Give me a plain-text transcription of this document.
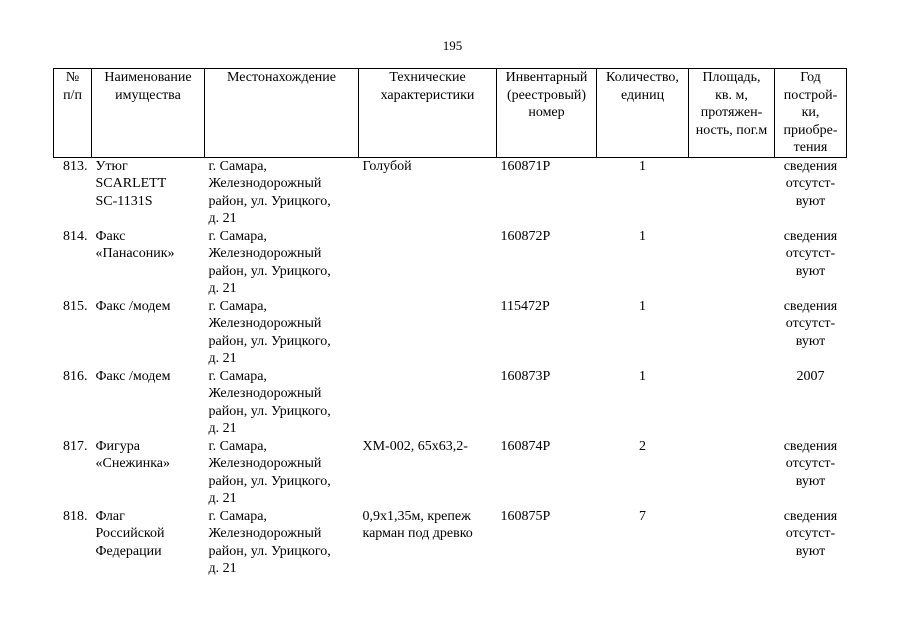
195
№
п/п	Наименование
имущества	Местонахождение	Технические
характеристики	Инвентарный
(реестровый)
номер	Количество,
единиц	Площадь,
кв. м,
протяжен-
ность, пог.м	Год
построй-
ки,
приобре-
тения
813.	Утюг
SCARLETT
SC-1131S	г. Самара,
Железнодорожный
район, ул. Урицкого,
д. 21	Голубой	160871Р	1		сведения
отсутст-
вуют
814.	Факс
«Панасоник»	г. Самара,
Железнодорожный
район, ул. Урицкого,
д. 21		160872Р	1		сведения
отсутст-
вуют
815.	Факс /модем	г. Самара,
Железнодорожный
район, ул. Урицкого,
д. 21		115472Р	1		сведения
отсутст-
вуют
816.	Факс /модем	г. Самара,
Железнодорожный
район, ул. Урицкого,
д. 21		160873Р	1		2007
817.	Фигура
«Снежинка»	г. Самара,
Железнодорожный
район, ул. Урицкого,
д. 21	ХМ-002, 65х63,2-	160874Р	2		сведения
отсутст-
вуют
818.	Флаг
Российской
Федерации	г. Самара,
Железнодорожный
район, ул. Урицкого,
д. 21	0,9х1,35м, крепеж
карман под древко	160875Р	7		сведения
отсутст-
вуют
